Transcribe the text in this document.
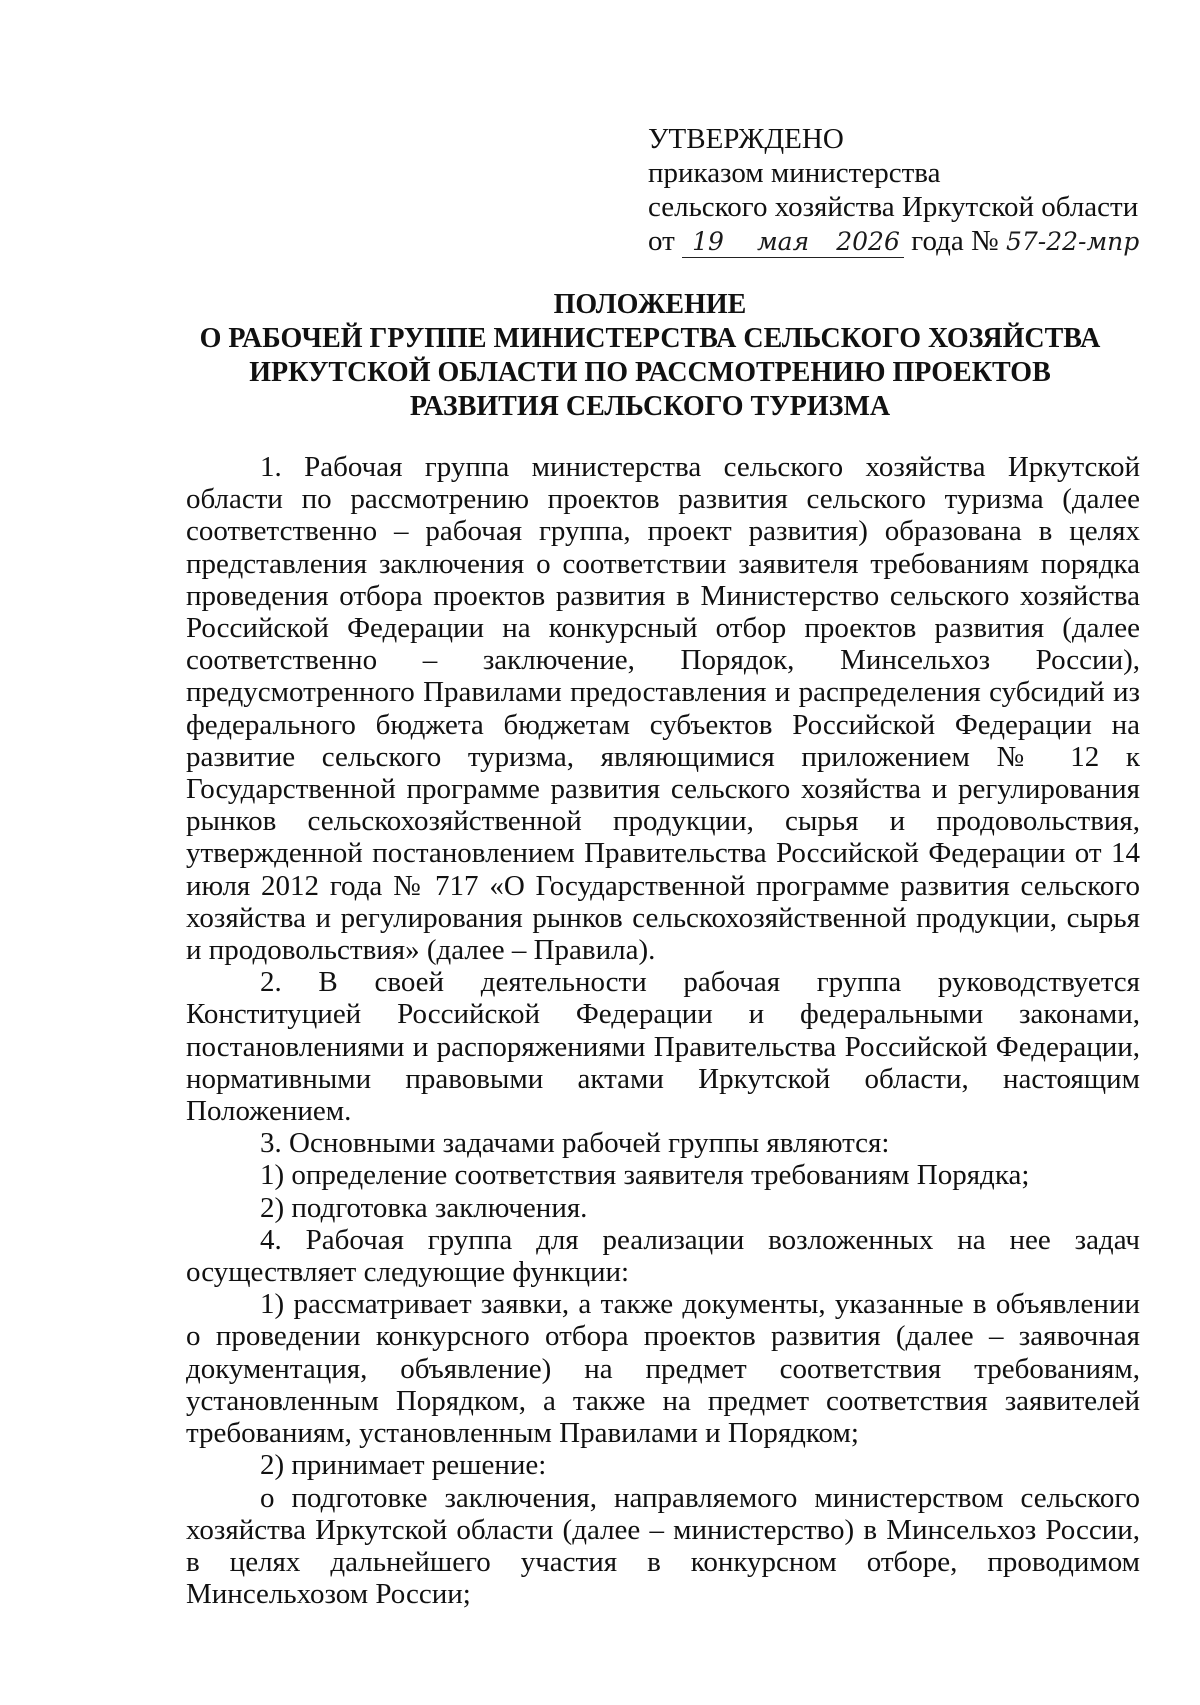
УТВЕРЖДЕНО
приказом министерства
сельского хозяйства Иркутской области
от 19 мая 2026 года № 57-22-мпр
ПОЛОЖЕНИЕ
О РАБОЧЕЙ ГРУППЕ МИНИСТЕРСТВА СЕЛЬСКОГО ХОЗЯЙСТВА
ИРКУТСКОЙ ОБЛАСТИ ПО РАССМОТРЕНИЮ ПРОЕКТОВ
РАЗВИТИЯ СЕЛЬСКОГО ТУРИЗМА

1. Рабочая группа министерства сельского хозяйства Иркутской области по рассмотрению проектов развития сельского туризма (далее соответственно – рабочая группа, проект развития) образована в целях представления заключения о соответствии заявителя требованиям порядка проведения отбора проектов развития в Министерство сельского хозяйства Российской Федерации на конкурсный отбор проектов развития (далее соответственно – заключение, Порядок, Минсельхоз России), предусмотренного Правилами предоставления и распределения субсидий из федерального бюджета бюджетам субъектов Российской Федерации на развитие сельского туризма, являющимися приложением № 12 к Государственной программе развития сельского хозяйства и регулирования рынков сельскохозяйственной продукции, сырья и продовольствия, утвержденной постановлением Правительства Российской Федерации от 14 июля 2012 года № 717 «О Государственной программе развития сельского хозяйства и регулирования рынков сельскохозяйственной продукции, сырья и продовольствия» (далее – Правила).

2. В своей деятельности рабочая группа руководствуется Конституцией Российской Федерации и федеральными законами, постановлениями и распоряжениями Правительства Российской Федерации, нормативными правовыми актами Иркутской области, настоящим Положением.

3. Основными задачами рабочей группы являются:

1) определение соответствия заявителя требованиям Порядка;

2) подготовка заключения.

4. Рабочая группа для реализации возложенных на нее задач осуществляет следующие функции:

1) рассматривает заявки, а также документы, указанные в объявлении о проведении конкурсного отбора проектов развития (далее – заявочная документация, объявление) на предмет соответствия требованиям, установленным Порядком, а также на предмет соответствия заявителей требованиям, установленным Правилами и Порядком;

2) принимает решение:

о подготовке заключения, направляемого министерством сельского хозяйства Иркутской области (далее – министерство) в Минсельхоз России, в целях дальнейшего участия в конкурсном отборе, проводимом Минсельхозом России;
